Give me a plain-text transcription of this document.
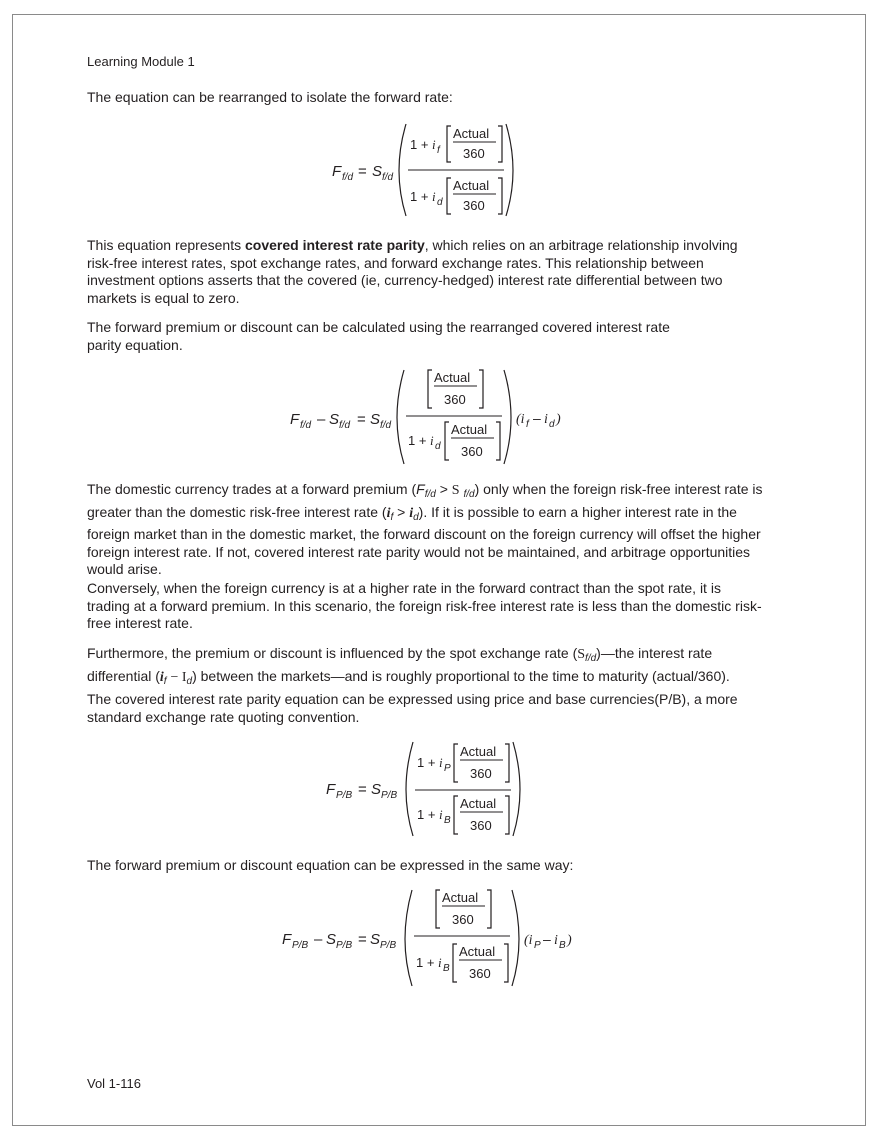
Learning Module 1
The equation can be rearranged to isolate the forward rate:
F f/d = S f/d
1 + i f
Actual
360
1 + i d
Actual
360
This equation represents covered interest rate parity, which relies on an arbitrage relationship involving risk-free interest rates, spot exchange rates, and forward exchange rates. This relationship between investment options asserts that the covered (ie, currency-hedged) interest rate differential between two markets is equal to zero.
The forward premium or discount can be calculated using the rearranged covered interest rate parity equation.
F f/d – S f/d = S f/d
Actual
360
1 + i d
Actual
360
(i f – i d )
The domestic currency trades at a forward premium ($F_{f/d} > S$ $_{f/d}$) only when the foreign risk-free interest rate is greater than the domestic risk-free interest rate $(i_f > i_d)$. If it is possible to earn a higher interest rate in the foreign market than in the domestic market, the forward discount on the foreign currency will offset the higher foreign interest rate. If not, covered interest rate parity would not be maintained, and arbitrage opportunities would arise.
Conversely, when the foreign currency is at a higher rate in the forward contract than the spot rate, it is trading at a forward premium. In this scenario, the foreign risk-free interest rate is less than the domestic risk-free interest rate.
Furthermore, the premium or discount is influenced by the spot exchange rate $(S_{f/d})—the$ interest rate differential $(i_f - I_d)$ between the markets—and is roughly proportional to the time to maturity (actual/360).
The covered interest rate parity equation can be expressed using price and base currencies(P/B), a more standard exchange rate quoting convention.
F P/B = S P/B
1 + i P
Actual
360
1 + i B
Actual
360
The forward premium or discount equation can be expressed in the same way:
F P/B – S P/B = S P/B
Actual
360
1 + i B
Actual
360
(i P – i B )
Vol 1-116
